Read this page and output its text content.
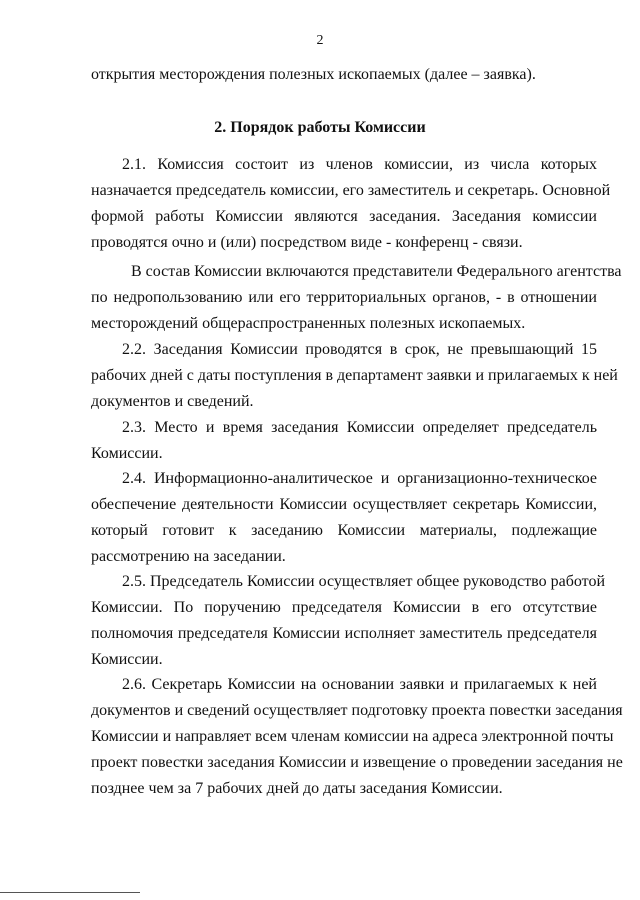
2
открытия месторождения полезных ископаемых (далее – заявка).
2. Порядок работы Комиссии
2.1. Комиссия состоит из членов комиссии, из числа которых
назначается председатель комиссии, его заместитель и секретарь. Основной
формой работы Комиссии являются заседания. Заседания комиссии
проводятся очно и (или) посредством виде - конференц - связи.
В состав Комиссии включаются представители Федерального агентства
по недропользованию или его территориальных органов, - в отношении
месторождений общераспространенных полезных ископаемых.
2.2. Заседания Комиссии проводятся в срок, не превышающий 15
рабочих дней с даты поступления в департамент заявки и прилагаемых к ней
документов и сведений.
2.3. Место и время заседания Комиссии определяет председатель
Комиссии.
2.4. Информационно-аналитическое и организационно-техническое
обеспечение деятельности Комиссии осуществляет секретарь Комиссии,
который готовит к заседанию Комиссии материалы, подлежащие
рассмотрению на заседании.
2.5. Председатель Комиссии осуществляет общее руководство работой
Комиссии. По поручению председателя Комиссии в его отсутствие
полномочия председателя Комиссии исполняет заместитель председателя
Комиссии.
2.6. Секретарь Комиссии на основании заявки и прилагаемых к ней
документов и сведений осуществляет подготовку проекта повестки заседания
Комиссии и направляет всем членам комиссии на адреса электронной почты
проект повестки заседания Комиссии и извещение о проведении заседания не
позднее чем за 7 рабочих дней до даты заседания Комиссии.
